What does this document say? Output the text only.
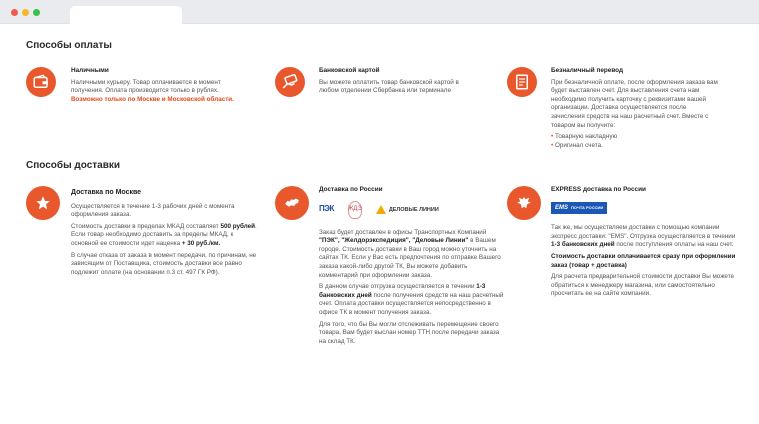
Способы оплаты
Наличными
Наличными курьеру. Товар оплачивается в момент получения. Оплата производится только в рублях.
Возможно только по Москве и Московской области.
Банковской картой
Вы можете оплатить товар банковской картой в любом отделении Сбербанка или терминале
Безналичный перевод
При безналичной оплате, после оформления заказа вам будет выставлен счет. Для выставления счета нам необходимо получить карточку с реквизитами вашей организации. Доставка осуществляется после зачисления средств на наш расчетный счет. Вместе с товаром вы получите:
• Товарную накладную
• Оригинал счета.
Способы доставки
Доставка по Москве
Осуществляется в течение 1-3 рабочих дней с момента оформления заказа.
Стоимость доставки в пределах МКАД составляет 500 рублей. Если товар необходимо доставить за пределы МКАД, к основной ее стоимости идет наценка + 30 руб./км.
В случае отказа от заказа в момент передачи, по причинам, не зависящим от Поставщика, стоимость доставки все равно подлежит оплате (на основании п.3 ст. 497 ГК РФ).
Доставка по России
ПЭК ЖДЭ	ДЕЛОВЫЕ ЛИНИИ
Заказ будет доставлен в офисы Транспортных Компаний "ПЭК", "Желдорэкспедиция", "Деловые Линии" в Вашем городе. Стоимость доставки в Ваш город можно уточнить на сайтах ТК. Если у Вас есть предпочтения по отправке Вашего заказа какой-либо другой ТК, Вы можете добавить комментарий при оформлении заказа.
В данном случае отгрузка осуществляется в течении 1-3 банковских дней после получения средств на наш расчетный счет. Оплата доставки осуществляется непосредственно в офисе ТК в момент получения заказа.
Для того, что бы Вы могли отслеживать перемещение своего товара, Вам будет выслан номер ТТН после передачи заказа на склад ТК.
EXPRESS доставка по России
EMS ПОЧТА РОССИИ
Так же, мы осуществляем доставки с помощью компании экспресс доставки: "EMS". Отгрузка осуществляется в течении 1-3 банковских дней после поступления оплаты на наш счет.
Стоимость доставки оплачивается сразу при оформлении заказ (товар + доставка)
Для расчета предварительной стоимости доставки Вы можете обратиться к менеджеру магазина, или самостоятельно просчитать ее на сайте компании.
